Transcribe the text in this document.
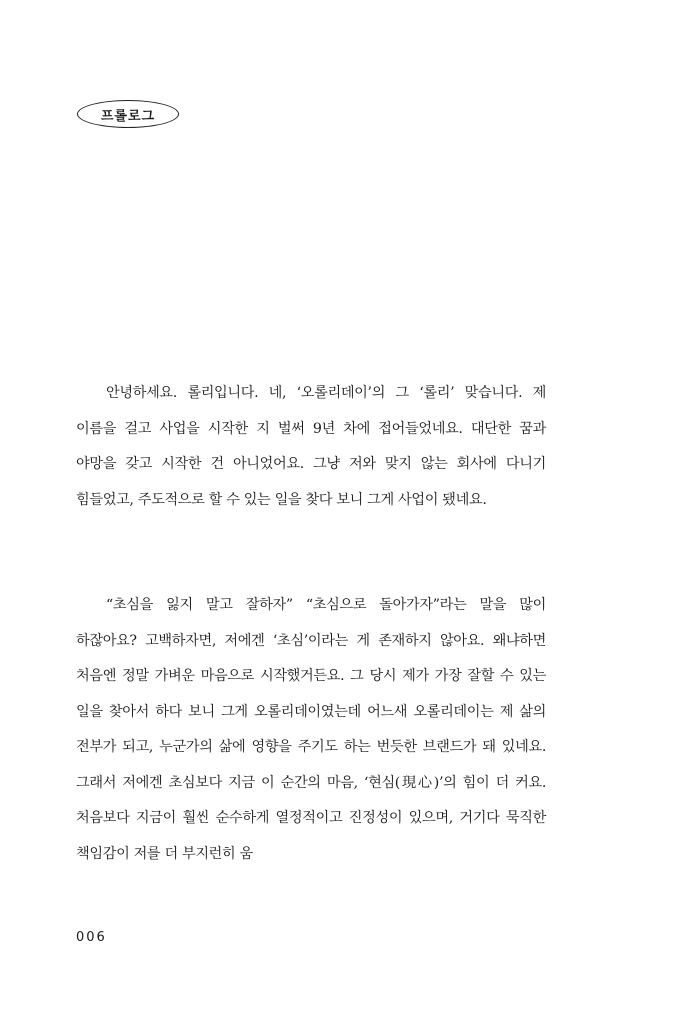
프롤로그

안녕하세요. 롤리입니다. 네, ‘오롤리데이’의 그 ‘롤리’ 맞습니다. 제 이름을 걸고 사업을 시작한 지 벌써 9년 차에 접어들었네요. 대단한 꿈과 야망을 갖고 시작한 건 아니었어요. 그냥 저와 맞지 않는 회사에 다니기 힘들었고, 주도적으로 할 수 있는 일을 찾다 보니 그게 사업이 됐네요.

“초심을 잃지 말고 잘하자” “초심으로 돌아가자”라는 말을 많이 하잖아요? 고백하자면, 저에겐 ‘초심’이라는 게 존재하지 않아요. 왜냐하면 처음엔 정말 가벼운 마음으로 시작했거든요. 그 당시 제가 가장 잘할 수 있는 일을 찾아서 하다 보니 그게 오롤리데이였는데 어느새 오롤리데이는 제 삶의 전부가 되고, 누군가의 삶에 영향을 주기도 하는 번듯한 브랜드가 돼 있네요. 그래서 저에겐 초심보다 지금 이 순간의 마음, ‘현심(現心)’의 힘이 더 커요. 처음보다 지금이 훨씬 순수하게 열정적이고 진정성이 있으며, 거기다 묵직한 책임감이 저를 더 부지런히 움

006
